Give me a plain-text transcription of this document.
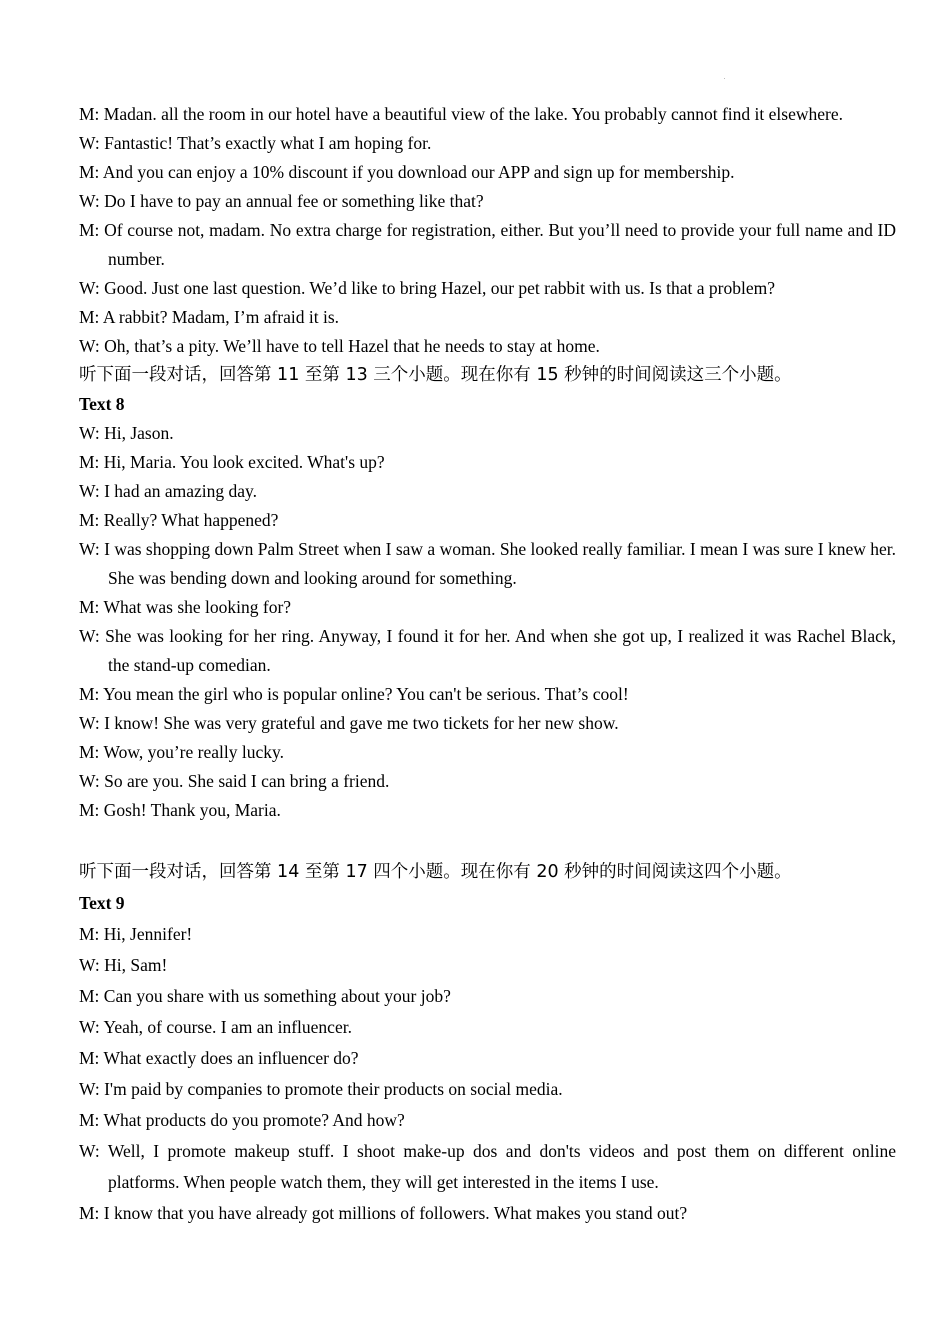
M: Madan. all the room in our hotel have a beautiful view of the lake. You probably cannot find it elsewhere.

W: Fantastic! That’s exactly what I am hoping for.

M: And you can enjoy a 10% discount if you download our APP and sign up for membership.

W: Do I have to pay an annual fee or something like that?

M: Of course not, madam. No extra charge for registration, either. But you’ll need to provide your full name and ID number.

W: Good. Just one last question. We’d like to bring Hazel, our pet rabbit with us. Is that a problem?

M: A rabbit? Madam, I’m afraid it is.

W: Oh, that’s a pity. We’ll have to tell Hazel that he needs to stay at home.

听下面一段对话，回答第 11 至第 13 三个小题。现在你有 15 秒钟的时间阅读这三个小题。

Text 8

W: Hi, Jason.

M: Hi, Maria. You look excited. What's up?

W: I had an amazing day.

M: Really? What happened?

W: I was shopping down Palm Street when I saw a woman. She looked really familiar. I mean I was sure I knew her. She was bending down and looking around for something.

M: What was she looking for?

W: She was looking for her ring. Anyway, I found it for her. And when she got up, I realized it was Rachel Black, the stand-up comedian.

M: You mean the girl who is popular online? You can't be serious. That’s cool!

W: I know! She was very grateful and gave me two tickets for her new show.

M: Wow, you’re really lucky.

W: So are you. She said I can bring a friend.

M: Gosh! Thank you, Maria.

听下面一段对话，回答第 14 至第 17 四个小题。现在你有 20 秒钟的时间阅读这四个小题。

Text 9

M: Hi, Jennifer!

W: Hi, Sam!

M: Can you share with us something about your job?

W: Yeah, of course. I am an influencer.

M: What exactly does an influencer do?

W: I'm paid by companies to promote their products on social media.

M: What products do you promote? And how?

W: Well, I promote makeup stuff. I shoot make-up dos and don'ts videos and post them on different online platforms. When people watch them, they will get interested in the items I use.

M: I know that you have already got millions of followers. What makes you stand out?
